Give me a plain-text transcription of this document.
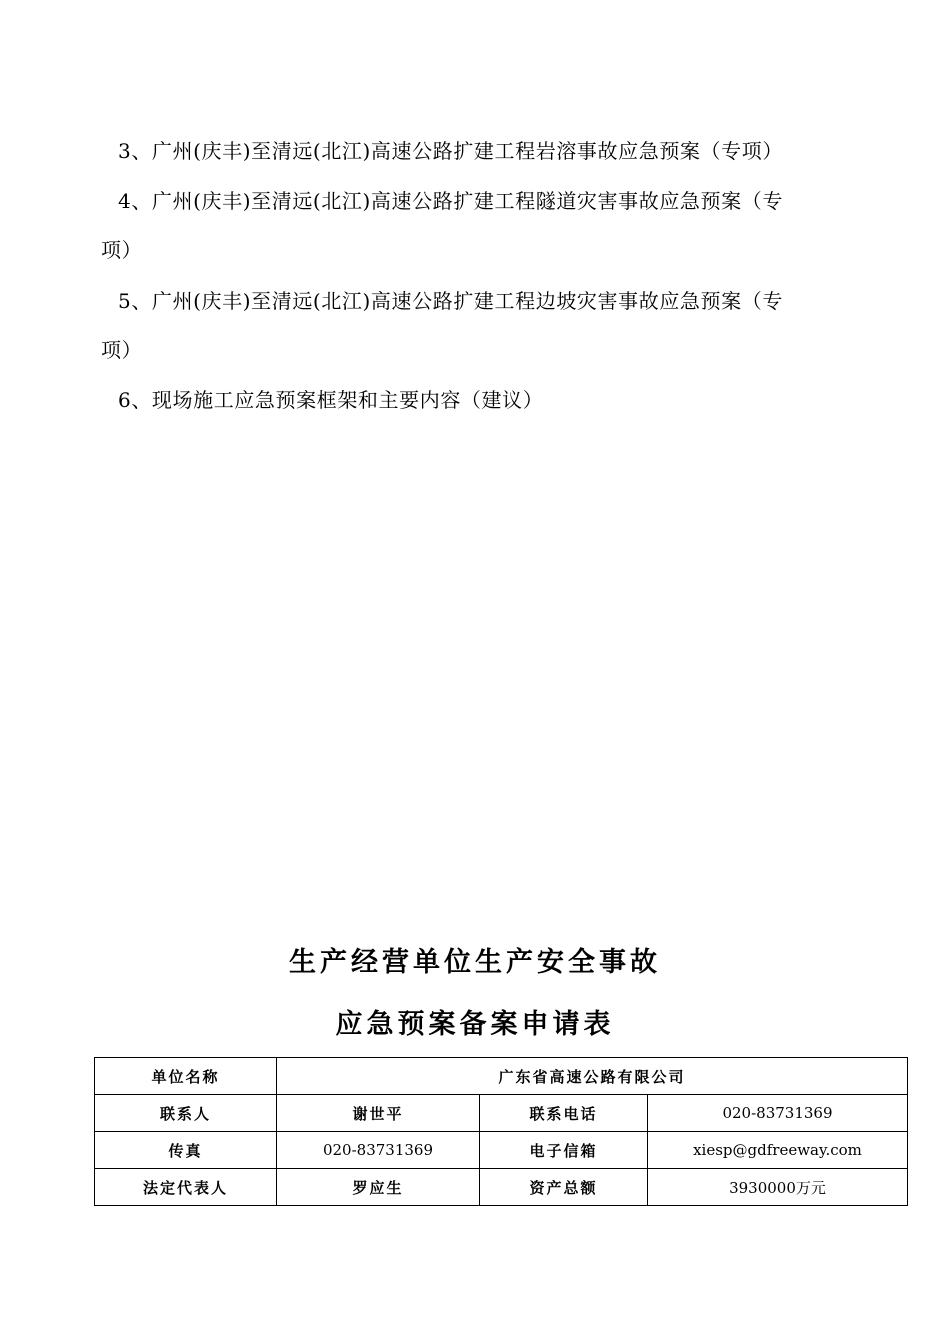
3、广州(庆丰)至清远(北江)高速公路扩建工程岩溶事故应急预案（专项）
4、广州(庆丰)至清远(北江)高速公路扩建工程隧道灾害事故应急预案（专
项）
5、广州(庆丰)至清远(北江)高速公路扩建工程边坡灾害事故应急预案（专
项）
6、现场施工应急预案框架和主要内容（建议）
生产经营单位生产安全事故
应急预案备案申请表
单位名称	广东省高速公路有限公司		
联系人	谢世平	联系电话	020-83731369
传真	020-83731369	电子信箱	xiesp@gdfreeway.com
法定代表人	罗应生	资产总额	3930000万元
